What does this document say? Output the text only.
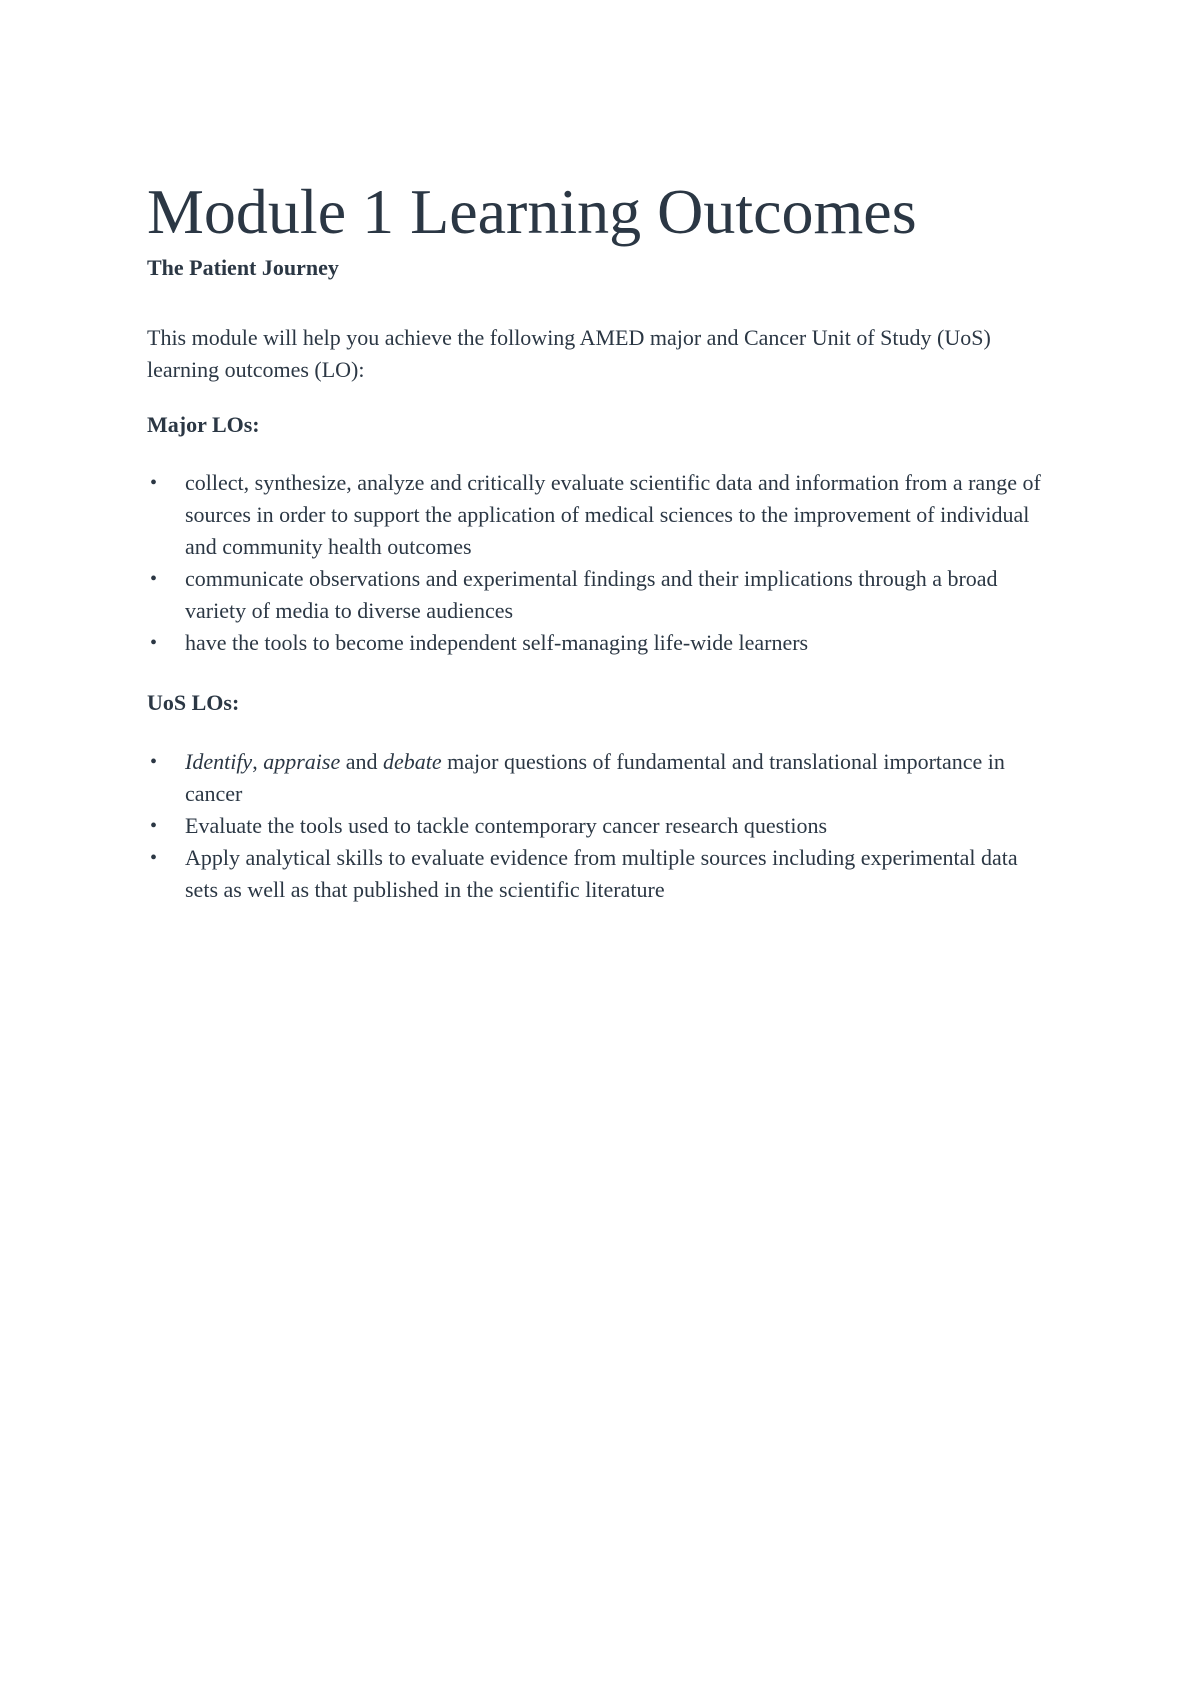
Module 1 Learning Outcomes

The Patient Journey

This module will help you achieve the following AMED major and Cancer Unit of Study (UoS) learning outcomes (LO):

Major LOs:

• collect, synthesize, analyze and critically evaluate scientific data and information from a range of sources in order to support the application of medical sciences to the improvement of individual and community health outcomes
• communicate observations and experimental findings and their implications through a broad variety of media to diverse audiences
• have the tools to become independent self-managing life-wide learners

UoS LOs:

• Identify, appraise and debate major questions of fundamental and translational importance in cancer
• Evaluate the tools used to tackle contemporary cancer research questions
• Apply analytical skills to evaluate evidence from multiple sources including experimental data sets as well as that published in the scientific literature
